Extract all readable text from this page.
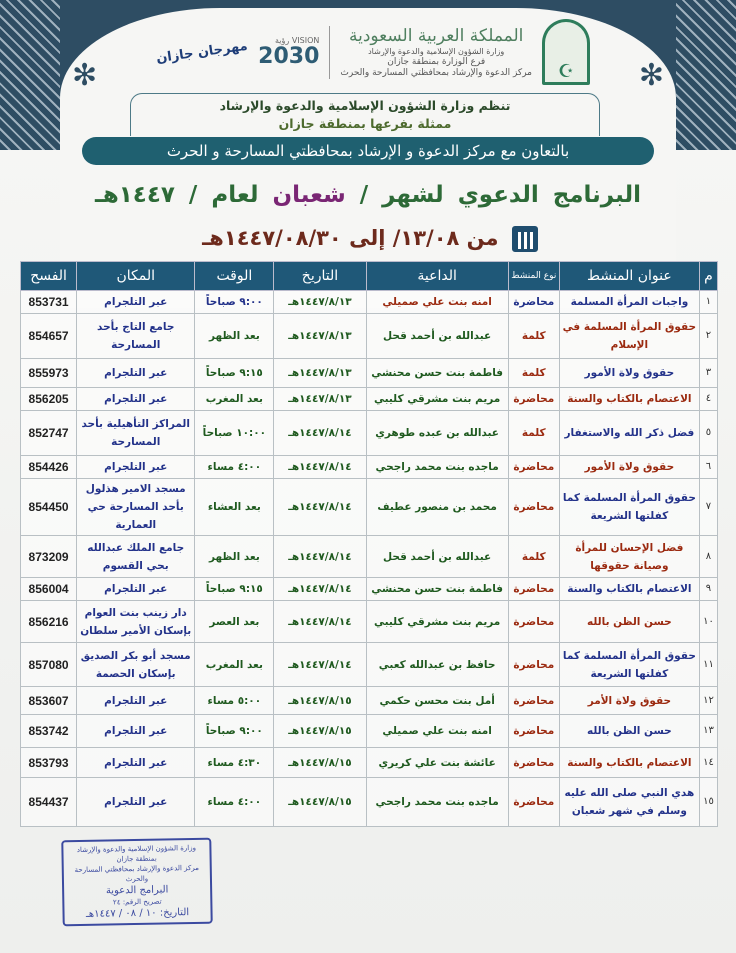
✻	✻
☪
المملكة العربية السعودية
وزارة الشؤون الإسلامية والدعوة والإرشاد
فرع الوزارة بمنطقة جازان
مركز الدعوة والإرشاد بمحافظتي المسارحة والحرث
VISION رؤية
2030
مهرجان جازان
تنظم وزارة الشؤون الإسلامية والدعوة والإرشاد
ممثلة بفرعها بمنطقة جازان
بالتعاون مع مركز الدعوة و الإرشاد بمحافظتي المسارحة و الحرث
البرنامج الدعوي لشهر / شعبان لعام / ١٤٤٧هـ
من ١٣/٠٨/ إلى ١٤٤٧/٠٨/٣٠هـ
م	عنوان المنشط	نوع المنشط	الداعية	التاريخ	الوقت	المكان	الفسح
١	واجبات المرأة المسلمة	محاضرة	امنه بنت علي صميلي	١٤٤٧/٨/١٣هـ	٩:٠٠ صباحاً	عبر التلجرام	853731
٢	حقوق المرأة المسلمة في الإسلام	كلمة	عبدالله بن أحمد قحل	١٤٤٧/٨/١٣هـ	بعد الظهر	جامع التاج بأحد المسارحة	854657
٣	حقوق ولاة الأمور	كلمة	فاطمة بنت حسن محنشي	١٤٤٧/٨/١٣هـ	٩:١٥ صباحاً	عبر التلجرام	855973
٤	الاعتصام بالكتاب والسنة	محاضرة	مريم بنت مشرقي كليبي	١٤٤٧/٨/١٣هـ	بعد المغرب	عبر التلجرام	856205
٥	فضل ذكر الله والاستغفار	كلمة	عبدالله بن عبده طوهري	١٤٤٧/٨/١٤هـ	١٠:٠٠ صباحاً	المراكز التأهيلية بأحد المسارحة	852747
٦	حقوق ولاة الأمور	محاضرة	ماجده بنت محمد راجحي	١٤٤٧/٨/١٤هـ	٤:٠٠ مساء	عبر التلجرام	854426
٧	حقوق المرأة المسلمة كما كفلتها الشريعة	محاضرة	محمد بن منصور عطيف	١٤٤٧/٨/١٤هـ	بعد العشاء	مسجد الامير هذلول بأحد المسارحة حي العمارية	854450
٨	فضل الإحسان للمرأة وصيانة حقوقها	كلمة	عبدالله بن أحمد قحل	١٤٤٧/٨/١٤هـ	بعد الظهر	جامع الملك عبدالله بحي القسوم	873209
٩	الاعتصام بالكتاب والسنة	محاضرة	فاطمة بنت حسن محنشي	١٤٤٧/٨/١٤هـ	٩:١٥ صباحاً	عبر التلجرام	856004
١٠	حسن الظن بالله	محاضرة	مريم بنت مشرقي كليبي	١٤٤٧/٨/١٤هـ	بعد العصر	دار زينب بنت العوام بإسكان الأمير سلطان	856216
١١	حقوق المرأة المسلمة كما كفلتها الشريعة	محاضرة	حافظ بن عبدالله كعبي	١٤٤٧/٨/١٤هـ	بعد المغرب	مسجد أبو بكر الصديق بإسكان الحصمة	857080
١٢	حقوق ولاة الأمر	محاضرة	أمل بنت محسن حكمي	١٤٤٧/٨/١٥هـ	٥:٠٠ مساء	عبر التلجرام	853607
١٣	حسن الظن بالله	محاضرة	امنه بنت علي صميلي	١٤٤٧/٨/١٥هـ	٩:٠٠ صباحاً	عبر التلجرام	853742
١٤	الاعتصام بالكتاب والسنة	محاضرة	عائشة بنت علي كريري	١٤٤٧/٨/١٥هـ	٤:٣٠ مساء	عبر التلجرام	853793
١٥	هدي النبي صلى الله عليه وسلم في شهر شعبان	محاضرة	ماجده بنت محمد راجحي	١٤٤٧/٨/١٥هـ	٤:٠٠ مساء	عبر التلجرام	854437
وزارة الشؤون الإسلامية والدعوة والإرشاد
بمنطقة جازان
مركز الدعوة والإرشاد بمحافظتي المسارحة والحرث
البرامج الدعوية
تصريح الرقم: ٢٤
التاريخ: ١٠ / ٠٨ / ١٤٤٧هـ
